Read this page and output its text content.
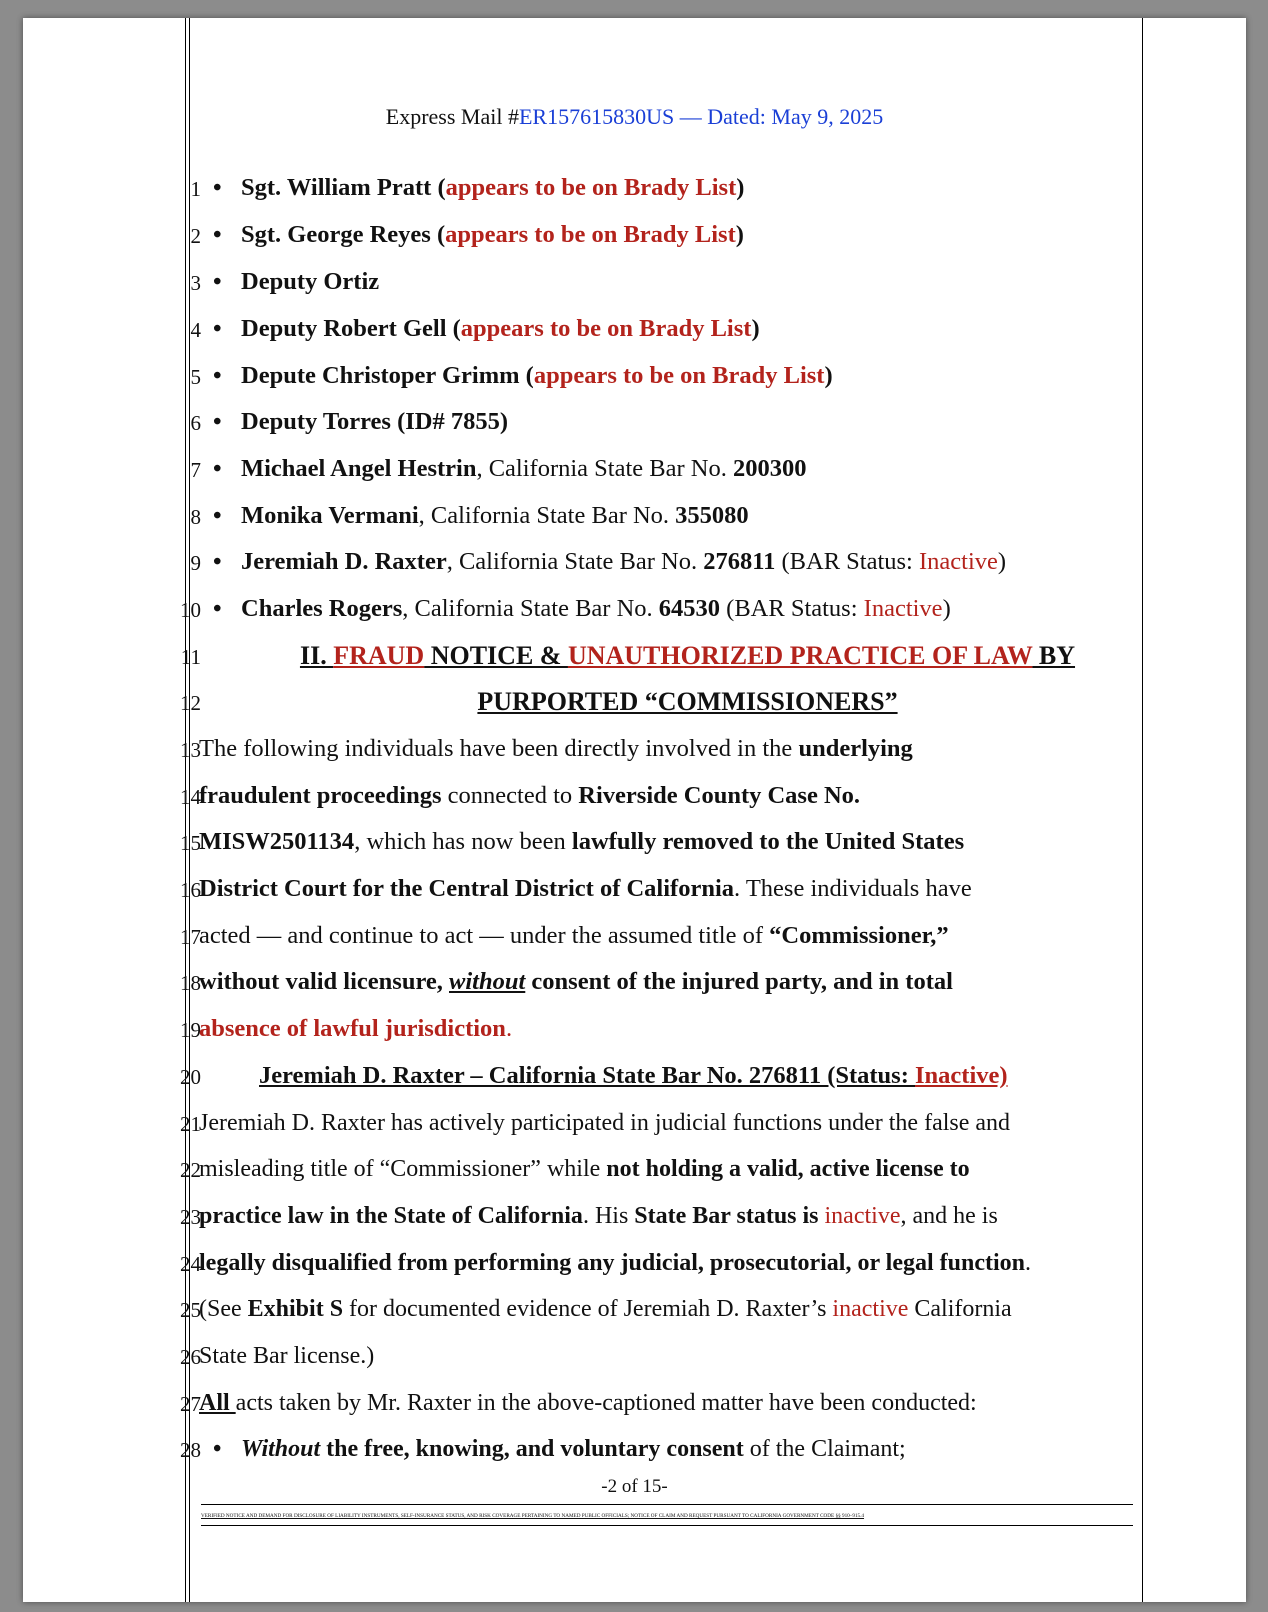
Express Mail #ER157615830US — Dated: May 9, 2025
1
2
3
4
5
6
7
8
9
10
11
12
13
14
15
16
17
18
19
20
21
22
23
24
25
26
27
28
• Sgt. William Pratt (appears to be on Brady List)
• Sgt. George Reyes (appears to be on Brady List)
• Deputy Ortiz
• Deputy Robert Gell (appears to be on Brady List)
• Depute Christoper Grimm (appears to be on Brady List)
• Deputy Torres (ID# 7855)
• Michael Angel Hestrin, California State Bar No. 200300
• Monika Vermani, California State Bar No. 355080
• Jeremiah D. Raxter, California State Bar No. 276811 (BAR Status: Inactive)
• Charles Rogers, California State Bar No. 64530 (BAR Status: Inactive)
II. FRAUD NOTICE & UNAUTHORIZED PRACTICE OF LAW BY
PURPORTED “COMMISSIONERS”
The following individuals have been directly involved in the underlying
fraudulent proceedings connected to Riverside County Case No.
MISW2501134, which has now been lawfully removed to the United States
District Court for the Central District of California. These individuals have
acted — and continue to act — under the assumed title of “Commissioner,”
without valid licensure, without consent of the injured party, and in total
absence of lawful jurisdiction.
Jeremiah D. Raxter – California State Bar No. 276811 (Status: Inactive)
Jeremiah D. Raxter has actively participated in judicial functions under the false and
misleading title of “Commissioner” while not holding a valid, active license to
practice law in the State of California. His State Bar status is inactive, and he is
legally disqualified from performing any judicial, prosecutorial, or legal function.
(See Exhibit S for documented evidence of Jeremiah D. Raxter’s inactive California
State Bar license.)
All acts taken by Mr. Raxter in the above-captioned matter have been conducted:
• Without the free, knowing, and voluntary consent of the Claimant;
-2 of 15-
VERIFIED NOTICE AND DEMAND FOR DISCLOSURE OF LIABILITY INSTRUMENTS, SELF-INSURANCE STATUS, AND RISK COVERAGE PERTAINING TO NAMED PUBLIC OFFICIALS; NOTICE OF CLAIM AND REQUEST PURSUANT TO CALIFORNIA GOVERNMENT CODE §§ 910–915.4
